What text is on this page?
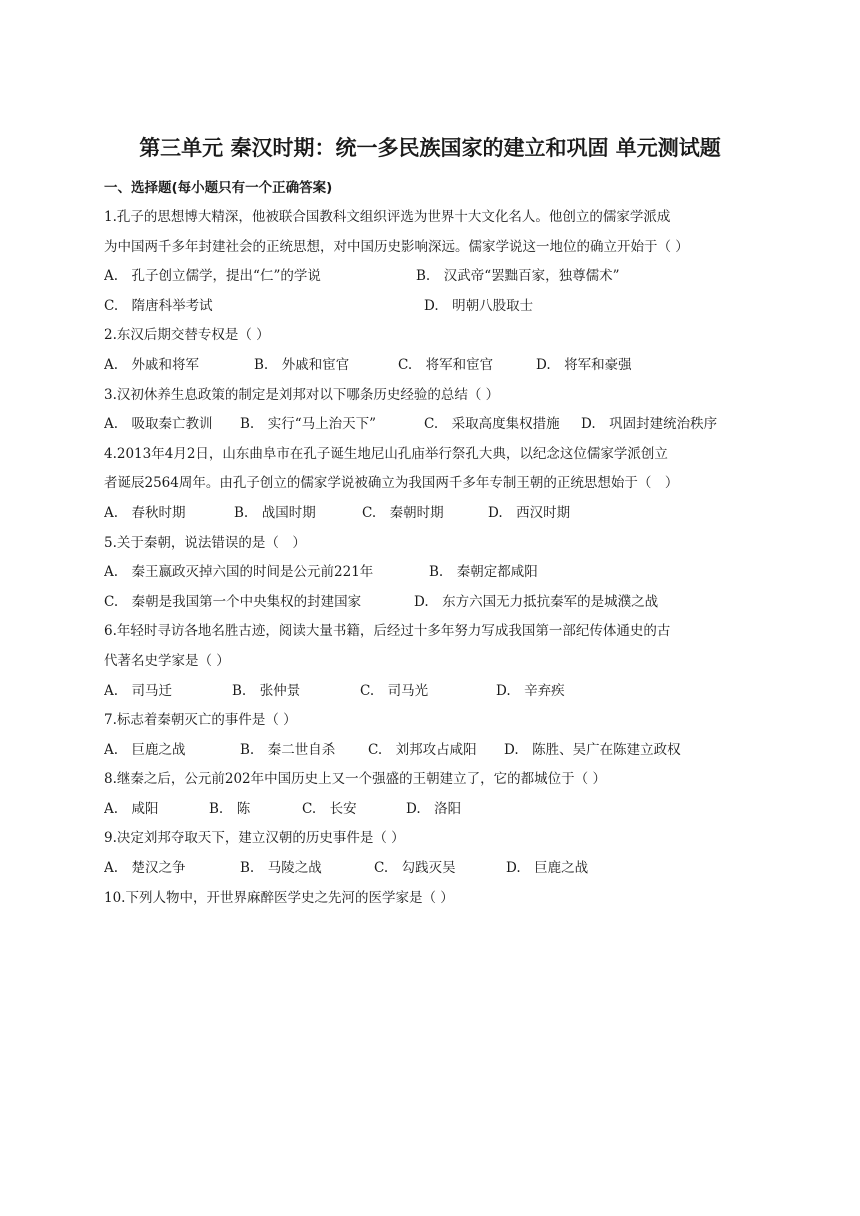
第三单元 秦汉时期：统一多民族国家的建立和巩固 单元测试题
一、选择题(每小题只有一个正确答案)
1.孔子的思想博大精深，他被联合国教科文组织评选为世界十大文化名人。他创立的儒家学派成
为中国两千多年封建社会的正统思想，对中国历史影响深远。儒家学说这一地位的确立开始于（ ）
A.　孔子创立儒学，提出“仁”的学说	B.　汉武帝“罢黜百家，独尊儒术”
C.　隋唐科举考试	D.　明朝八股取士
2.东汉后期交替专权是（ ）
A.　外戚和将军	B.　外戚和宦官	C.　将军和宦官	D.　将军和豪强
3.汉初休养生息政策的制定是刘邦对以下哪条历史经验的总结（ ）
A.　吸取秦亡教训 B.　实行“马上治天下”	C.　采取高度集权措施 D.　巩固封建统治秩序
4.2013年4月2日，山东曲阜市在孔子诞生地尼山孔庙举行祭孔大典，以纪念这位儒家学派创立
者诞辰2564周年。由孔子创立的儒家学说被确立为我国两千多年专制王朝的正统思想始于（　）
A.　春秋时期	B.　战国时期	C.　秦朝时期	D.　西汉时期
5.关于秦朝，说法错误的是（　）
A.　秦王嬴政灭掉六国的时间是公元前221年	B.　秦朝定都咸阳
C.　秦朝是我国第一个中央集权的封建国家	D.　东方六国无力抵抗秦军的是城濮之战
6.年轻时寻访各地名胜古迹，阅读大量书籍，后经过十多年努力写成我国第一部纪传体通史的古
代著名史学家是（ ）
A.　司马迁	B.　张仲景	C.　司马光	D.　辛弃疾
7.标志着秦朝灭亡的事件是（ ）
A.　巨鹿之战	B.　秦二世自杀 C.　刘邦攻占咸阳 D.　陈胜、吴广在陈建立政权
8.继秦之后，公元前202年中国历史上又一个强盛的王朝建立了，它的都城位于（ ）
A.　咸阳	B.　陈	C.　长安	D.　洛阳
9.决定刘邦夺取天下，建立汉朝的历史事件是（ ）
A.　楚汉之争	B.　马陵之战	C.　勾践灭吴	D.　巨鹿之战
10.下列人物中，开世界麻醉医学史之先河的医学家是（ ）
